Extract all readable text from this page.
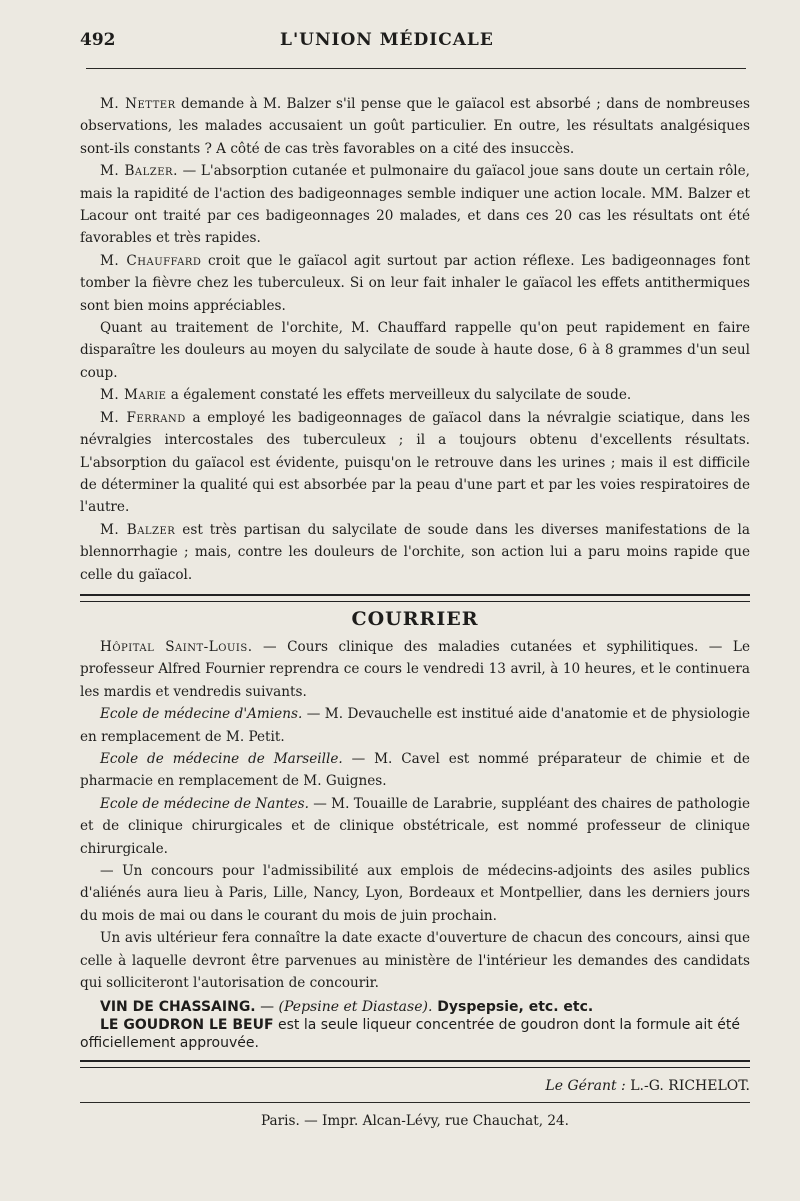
492	L'UNION MÉDICALE

M. Netter demande à M. Balzer s'il pense que le gaïacol est absorbé ; dans de nombreuses observations, les malades accusaient un goût particulier. En outre, les résultats analgésiques sont-ils constants ? A côté de cas très favorables on a cité des insuccès.

M. Balzer. — L'absorption cutanée et pulmonaire du gaïacol joue sans doute un certain rôle, mais la rapidité de l'action des badigeonnages semble indiquer une action locale. MM. Balzer et Lacour ont traité par ces badigeonnages 20 malades, et dans ces 20 cas les résultats ont été favorables et très rapides.

M. Chauffard croit que le gaïacol agit surtout par action réflexe. Les badigeonnages font tomber la fièvre chez les tuberculeux. Si on leur fait inhaler le gaïacol les effets antithermiques sont bien moins appréciables.

Quant au traitement de l'orchite, M. Chauffard rappelle qu'on peut rapidement en faire disparaître les douleurs au moyen du salycilate de soude à haute dose, 6 à 8 grammes d'un seul coup.

M. Marie a également constaté les effets merveilleux du salycilate de soude.

M. Ferrand a employé les badigeonnages de gaïacol dans la névralgie sciatique, dans les névralgies intercostales des tuberculeux ; il a toujours obtenu d'excellents résultats. L'absorption du gaïacol est évidente, puisqu'on le retrouve dans les urines ; mais il est difficile de déterminer la qualité qui est absorbée par la peau d'une part et par les voies respiratoires de l'autre.

M. Balzer est très partisan du salycilate de soude dans les diverses manifestations de la blennorrhagie ; mais, contre les douleurs de l'orchite, son action lui a paru moins rapide que celle du gaïacol.

COURRIER

Hôpital Saint-Louis. — Cours clinique des maladies cutanées et syphilitiques. — Le professeur Alfred Fournier reprendra ce cours le vendredi 13 avril, à 10 heures, et le continuera les mardis et vendredis suivants.

Ecole de médecine d'Amiens. — M. Devauchelle est institué aide d'anatomie et de physiologie en remplacement de M. Petit.

Ecole de médecine de Marseille. — M. Cavel est nommé préparateur de chimie et de pharmacie en remplacement de M. Guignes.

Ecole de médecine de Nantes. — M. Touaille de Larabrie, suppléant des chaires de pathologie et de clinique chirurgicales et de clinique obstétricale, est nommé professeur de clinique chirurgicale.

— Un concours pour l'admissibilité aux emplois de médecins-adjoints des asiles publics d'aliénés aura lieu à Paris, Lille, Nancy, Lyon, Bordeaux et Montpellier, dans les derniers jours du mois de mai ou dans le courant du mois de juin prochain.

Un avis ultérieur fera connaître la date exacte d'ouverture de chacun des concours, ainsi que celle à laquelle devront être parvenues au ministère de l'intérieur les demandes des candidats qui solliciteront l'autorisation de concourir.

VIN DE CHASSAING. — (Pepsine et Diastase). Dyspepsie, etc. etc.

LE GOUDRON LE BEUF est la seule liqueur concentrée de goudron dont la formule ait été officiellement approuvée.

Le Gérant : L.-G. RICHELOT.
Paris. — Impr. Alcan-Lévy, rue Chauchat, 24.
